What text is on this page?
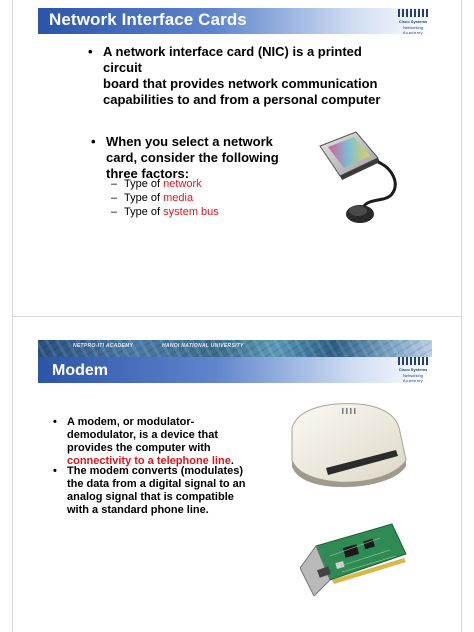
Network Interface Cards	Cisco Systems
Networking
Academy
• A network interface card (NIC) is a printed circuit
board that provides network communication
capabilities to and from a personal computer
• When you select a network
card, consider the following
three factors:
– Type of network
– Type of media
– Type of system bus
NETPRO-ITI ACADEMY	HANOI NATIONAL UNIVERSITY
Modem	Cisco Systems
Networking
Academy
• A modem, or modulator-
demodulator, is a device that
provides the computer with
connectivity to a telephone line.
• The modem converts (modulates)
the data from a digital signal to an
analog signal that is compatible
with a standard phone line.
